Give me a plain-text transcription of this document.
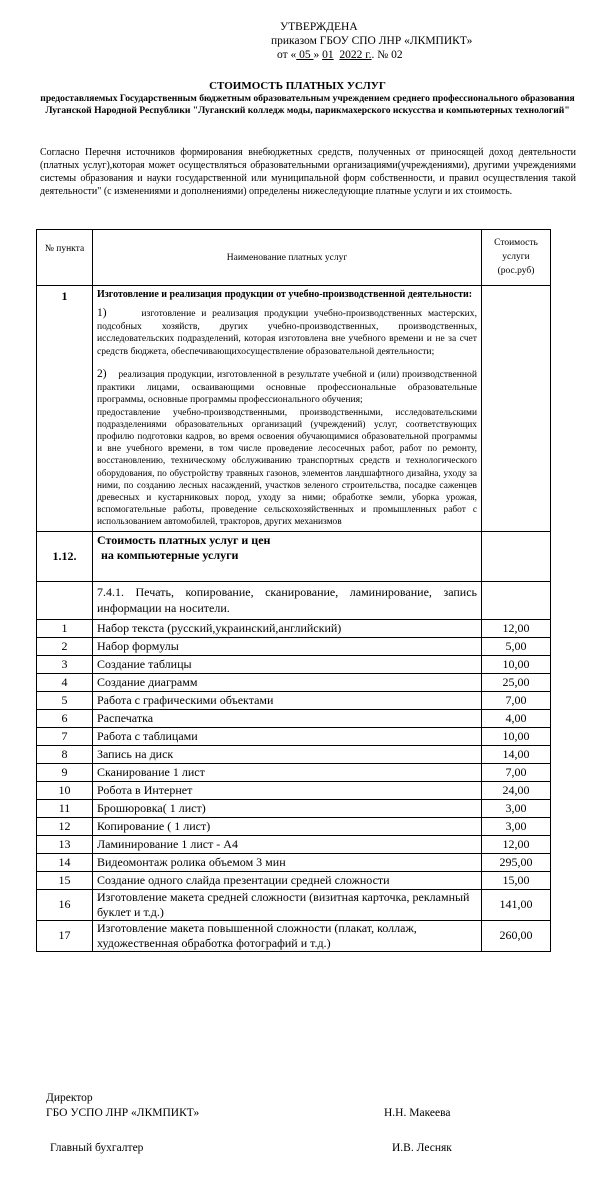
УТВЕРЖДЕНА
приказом ГБОУ СПО ЛНР «ЛКМПИКТ»
от « 05 » 01 2022 г.. № 02
СТОИМОСТЬ ПЛАТНЫХ УСЛУГ
предоставляемых Государственным бюджетным образовательным учреждением среднего профессионального образования Луганской Народной Республики "Луганский колледж моды, парикмахерского искусства и компьютерных технологий"
Согласно Перечня источников формирования внебюджетных средств, полученных от приносящей доход деятельности (платных услуг),которая может осуществляться образовательными организациями(учреждениями), другими учреждениями системы образования и науки государственной или муниципальной форм собственности, и правил осуществления такой деятельности" (с изменениями и дополнениями) определены нижеследующие платные услуги и их стоимость.
№ пункта	Наименование платных услуг	Стоимость услуги (рос.руб)
1	Изготовление и реализация продукции от учебно-производственной деятельности:
1) изготовление и реализация продукции учебно-производственных мастерских, подсобных хозяйств, других учебно-производственных, производственных, исследовательских подразделений, которая изготовлена вне учебного времени и не за счет средств бюджета, обеспечивающихосуществление образовательной деятельности;
2) реализация продукции, изготовленной в результате учебной и (или) производственной практики лицами, осваивающими основные профессиональные образовательные программы, основные программы профессионального обучения;
предоставление учебно-производственными, производственными, исследовательскими подразделениями образовательных организаций (учреждений) услуг, соответствующих профилю подготовки кадров, во время освоения обучающимися образовательной программы и вне учебного времени, в том числе проведение лесосечных работ, работ по ремонту, восстановлению, техническому обслуживанию транспортных средств и технологического оборудования, по обустройству травяных газонов, элементов ландшафтного дизайна, уходу за ними, по созданию лесных насаждений, участков зеленого строительства, посадке саженцев древесных и кустарниковых пород, уходу за ними; обработке земли, уборка урожая, вспомогательные работы, проведение сельскохозяйственных и промышленных работ с использованием автомобилей, тракторов, других механизмов	

1.12.	Стоимость платных услуг и цен
на компьютерные услуги	

	7.4.1. Печать, копирование, сканирование, ламинирование, запись информации на носители.	
1	Набор текста (русский,украинский,английский)	12,00
2	Набор формулы	5,00
3	Создание таблицы	10,00
4	Создание диаграмм	25,00
5	Работа с графическими объектами	7,00
6	Распечатка	4,00
7	Работа с таблицами	10,00
8	Запись на диск	14,00
9	Сканирование 1 лист	7,00
10	Робота в Интернет	24,00
11	Брошюровка( 1 лист)	3,00
12	Копирование ( 1 лист)	3,00
13	Ламинирование 1 лист - А4	12,00
14	Видеомонтаж ролика объемом 3 мин	295,00
15	Создание одного слайда презентации средней сложности	15,00
16	Изготовление макета средней сложности (визитная карточка, рекламный буклет и т.д.)	141,00
17	Изготовление макета повышенной сложности (плакат, коллаж, художественная обработка фотографий и т.д.)	260,00
Директор
ГБО УСПО ЛНР «ЛКМПИКТ»	Н.Н. Макеева
Главный бухгалтер	И.В. Лесняк
